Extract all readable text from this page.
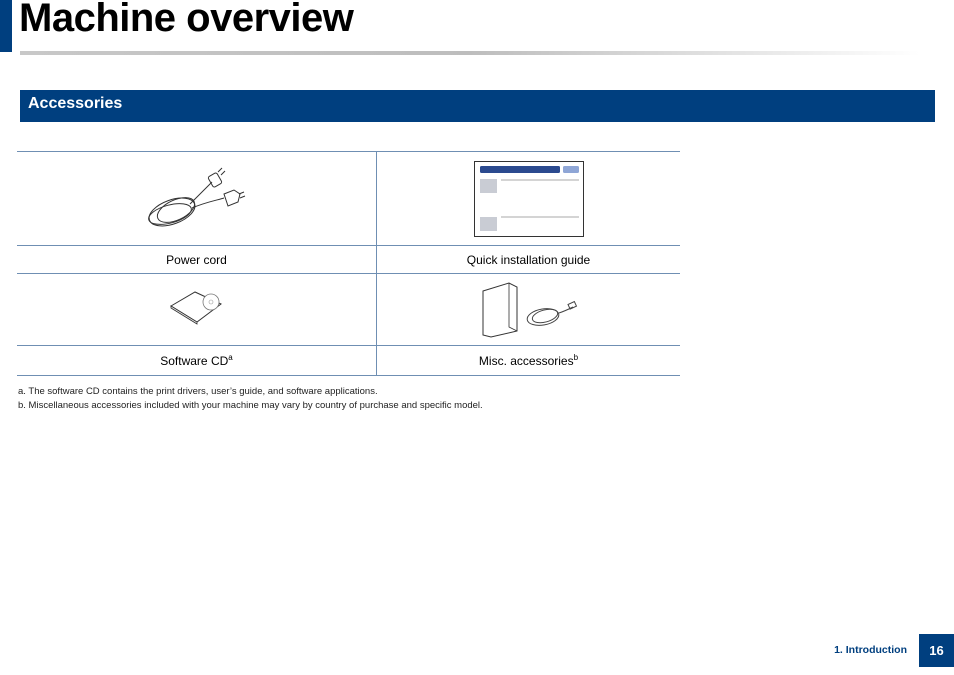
Machine overview
Accessories

Power cord	Quick installation guide

Software $CD^a$	Misc. accessories$^b$
a. The software CD contains the print drivers, user’s guide, and software applications.
b. Miscellaneous accessories included with your machine may vary by country of purchase and specific model.
1. Introduction	16
